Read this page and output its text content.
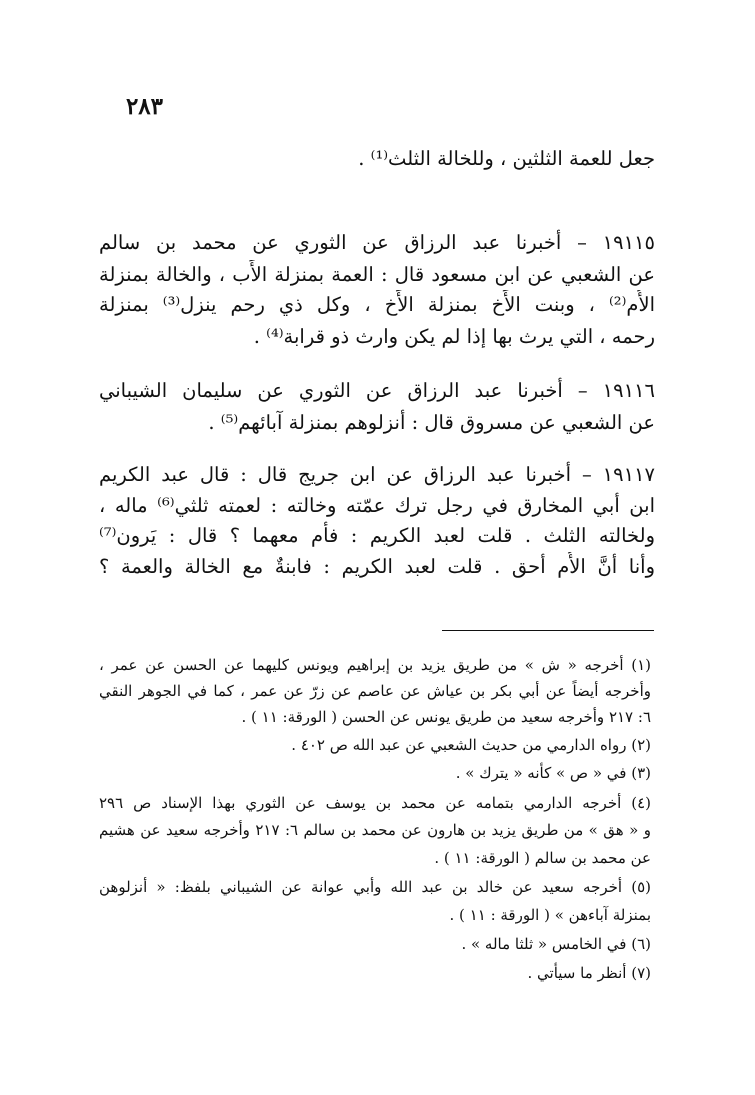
٢٨٣
جعل للعمة الثلثين ، وللخالة الثلث⁽¹⁾ .
١٩١١٥ – أخبرنا عبد الرزاق عن الثوري عن محمد بن سالم
عن الشعبي عن ابن مسعود قال : العمة بمنزلة الأَب ، والخالة بمنزلة
الأُم⁽²⁾ ، وبنت الأَخ بمنزلة الأَخ ، وكل ذي رحم ينزل⁽³⁾ بمنزلة
رحمه ، التي يرث بها إذا لم يكن وارث ذو قرابة⁽⁴⁾ .
١٩١١٦ – أخبرنا عبد الرزاق عن الثوري عن سليمان الشيباني
عن الشعبي عن مسروق قال : أنزلوهم بمنزلة آبائهم⁽⁵⁾ .
١٩١١٧ – أخبرنا عبد الرزاق عن ابن جريج قال : قال عبد الكريم
ابن أبي المخارق في رجل ترك عمّته وخالته : لعمته ثلثي⁽⁶⁾ ماله ،
ولخالته الثلث . قلت لعبد الكريم : فأُم معهما ؟ قال : يَرون⁽⁷⁾
وأنا أنَّ الأُم أحق . قلت لعبد الكريم : فابنةٌ مع الخالة والعمة ؟
(١) أخرجه « ش » من طريق يزيد بن إبراهيم ويونس كليهما عن الحسن عن عمر ،
وأخرجه أيضاً عن أبي بكر بن عياش عن عاصم عن زرّ عن عمر ، كما في الجوهر النقي
٦: ٢١٧ وأخرجه سعيد من طريق يونس عن الحسن ( الورقة: ١١ ) .
(٢) رواه الدارمي من حديث الشعبي عن عبد الله ص ٤٠٢ .
(٣) في « ص » كأنه « يترك » .
(٤) أخرجه الدارمي بتمامه عن محمد بن يوسف عن الثوري بهذا الإسناد ص ٢٩٦
و « هق » من طريق يزيد بن هارون عن محمد بن سالم ٦: ٢١٧ وأخرجه سعيد عن هشيم
عن محمد بن سالم ( الورقة: ١١ ) .
(٥) أخرجه سعيد عن خالد بن عبد الله وأبي عوانة عن الشيباني بلفظ: « أنزلوهن
بمنزلة آباءهن » ( الورقة : ١١ ) .
(٦) في الخامس « ثلثا ماله » .
(٧) أنظر ما سيأتي .
